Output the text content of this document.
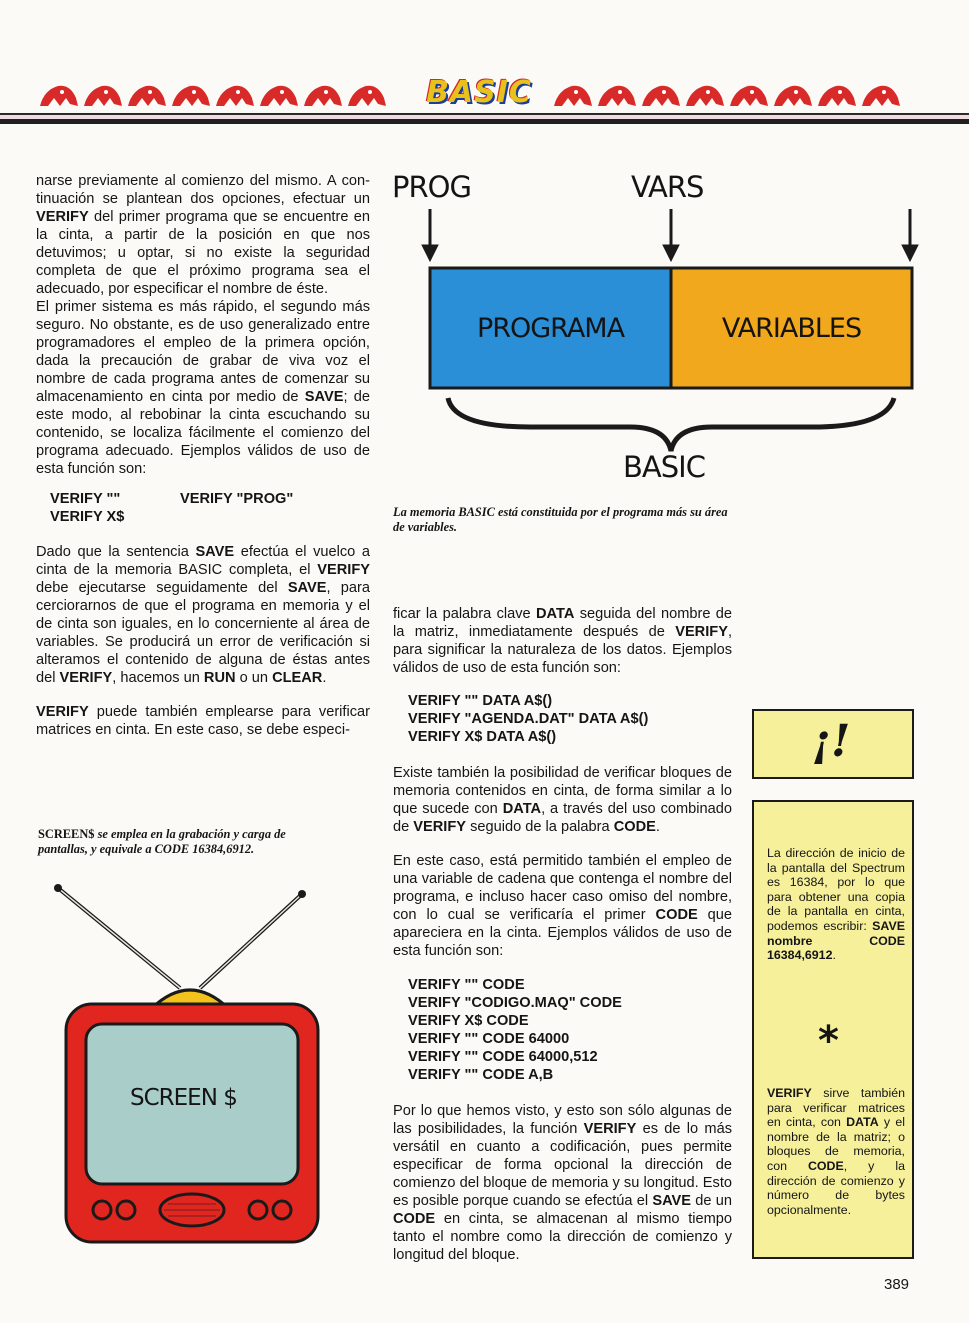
BASIC

narse previamente al comienzo del mismo. A con-tinuación se plantean dos opciones, efectuar un VERIFY del primer programa que se encuentre en la cinta, a partir de la posición en que nos detuvimos; u optar, si no existe la seguridad completa de que el próximo programa sea el adecuado, por especificar el nombre de éste.

El primer sistema es más rápido, el segundo más seguro. No obstante, es de uso generalizado entre programadores el empleo de la primera opción, dada la precaución de grabar de viva voz el nombre de cada programa antes de comenzar su almacenamiento en cinta por medio de SAVE; de este modo, al rebobinar la cinta escuchando su contenido, se localiza fácilmente el comienzo del programa adecuado. Ejemplos válidos de uso de esta función son:

VERIFY ""
VERIFY X$
VERIFY "PROG"

Dado que la sentencia SAVE efectúa el vuelco a cinta de la memoria BASIC completa, el VERIFY debe ejecutarse seguidamente del SAVE, para cerciorarnos de que el programa en memoria y el de cinta son iguales, en lo concerniente al área de variables. Se producirá un error de verificación si alteramos el contenido de alguna de éstas antes del VERIFY, hacemos un RUN o un CLEAR.

VERIFY puede también emplearse para verificar matrices en cinta. En este caso, se debe especi-

SCREEN$ se emplea en la grabación y carga de pantallas, y equivale a CODE 16384,6912.

SCREEN $
PROG	VARS
PROGRAMA	VARIABLES
BASIC

La memoria BASIC está constituida por el programa más su área de variables.

ficar la palabra clave DATA seguida del nombre de la matriz, inmediatamente después de VERIFY, para significar la naturaleza de los datos. Ejemplos válidos de uso de esta función son:

VERIFY "" DATA A$()
VERIFY "AGENDA.DAT" DATA A$()
VERIFY X$ DATA A$()

Existe también la posibilidad de verificar bloques de memoria contenidos en cinta, de forma similar a lo que sucede con DATA, a través del uso combinado de VERIFY seguido de la palabra CODE.

En este caso, está permitido también el empleo de una variable de cadena que contenga el nombre del programa, e incluso hacer caso omiso del nombre, con lo cual se verificaría el primer CODE que apareciera en la cinta. Ejemplos válidos de uso de esta función son:

VERIFY "" CODE
VERIFY "CODIGO.MAQ" CODE
VERIFY X$ CODE
VERIFY "" CODE 64000
VERIFY "" CODE 64000,512
VERIFY "" CODE A,B

Por lo que hemos visto, y esto son sólo algunas de las posibilidades, la función VERIFY es de lo más versátil en cuanto a codificación, pues permite especificar de forma opcional la dirección de comienzo del bloque de memoria y su longitud. Esto es posible porque cuando se efectúa el SAVE de un CODE en cinta, se almacenan al mismo tiempo tanto el nombre como la dirección de comienzo y longitud del bloque.

¡!

La dirección de inicio de la pantalla del Spectrum es 16384, por lo que para obtener una copia de la pantalla en cinta, podemos escribir: SAVE nombre CODE 16384,6912.

*

VERIFY sirve también para verificar matrices en cinta, con DATA y el nombre de la matriz; o bloques de memoria, con CODE, y la dirección de comienzo y número de bytes opcionalmente.

389
